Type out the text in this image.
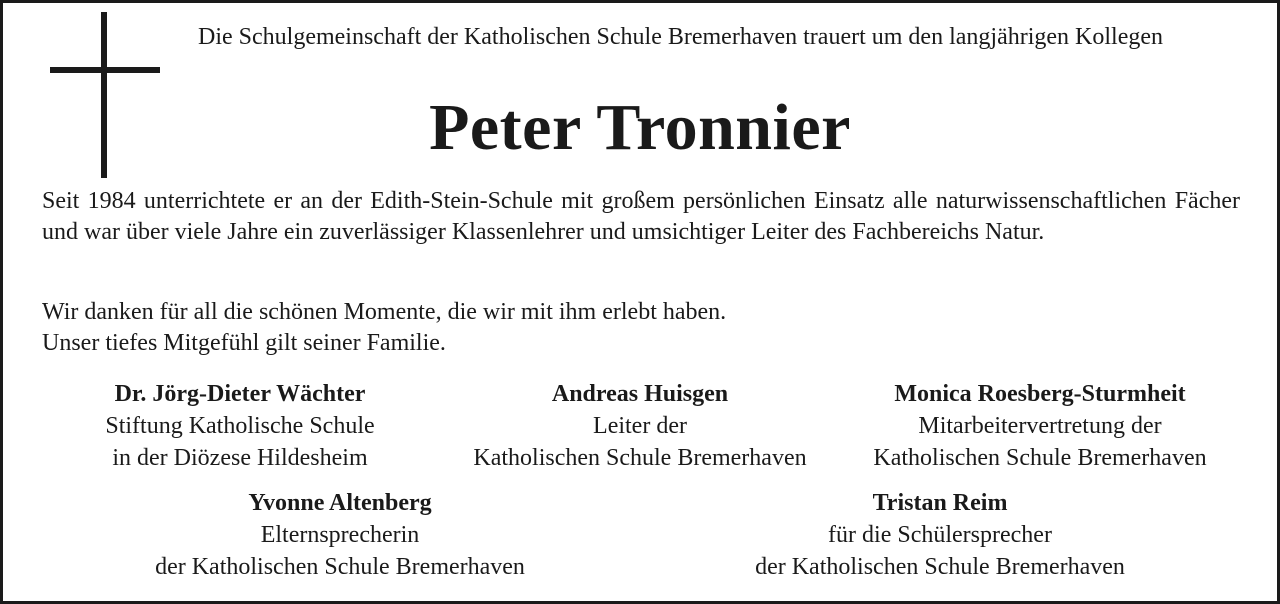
Die Schulgemeinschaft der Katholischen Schule Bremerhaven trauert um den langjährigen Kollegen

Peter Tronnier

Seit 1984 unterrichtete er an der Edith-Stein-Schule mit großem persönlichen Einsatz alle naturwissenschaftlichen Fächer und war über viele Jahre ein zuverlässiger Klassenlehrer und umsichtiger Leiter des Fachbereichs Natur.

Wir danken für all die schönen Momente, die wir mit ihm erlebt haben.
Unser tiefes Mitgefühl gilt seiner Familie.

Dr. Jörg-Dieter Wächter
Stiftung Katholische Schule
in der Diözese Hildesheim
Andreas Huisgen
Leiter der
Katholischen Schule Bremerhaven
Monica Roesberg-Sturmheit
Mitarbeitervertretung der
Katholischen Schule Bremerhaven
Yvonne Altenberg
Elternsprecherin
der Katholischen Schule Bremerhaven
Tristan Reim
für die Schülersprecher
der Katholischen Schule Bremerhaven
